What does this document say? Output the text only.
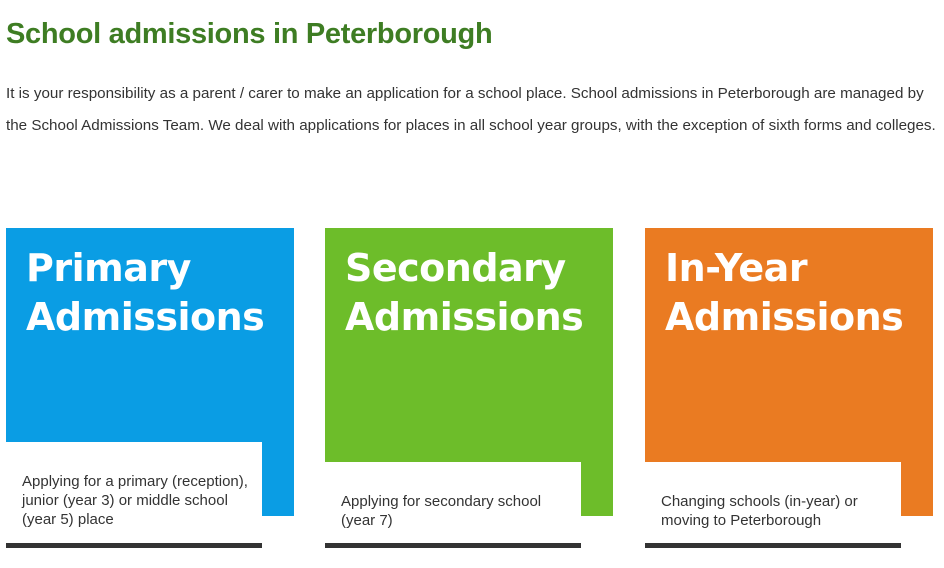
School admissions in Peterborough

It is your responsibility as a parent / carer to make an application for a school place. School admissions in Peterborough are managed by the School Admissions Team. We deal with applications for places in all school year groups, with the exception of sixth forms and colleges.

Primary
Admissions

Applying for a primary (reception), junior (year 3) or middle school (year 5) place

Secondary
Admissions

Applying for secondary school (year 7)

In-Year
Admissions

Changing schools (in-year) or moving to Peterborough
